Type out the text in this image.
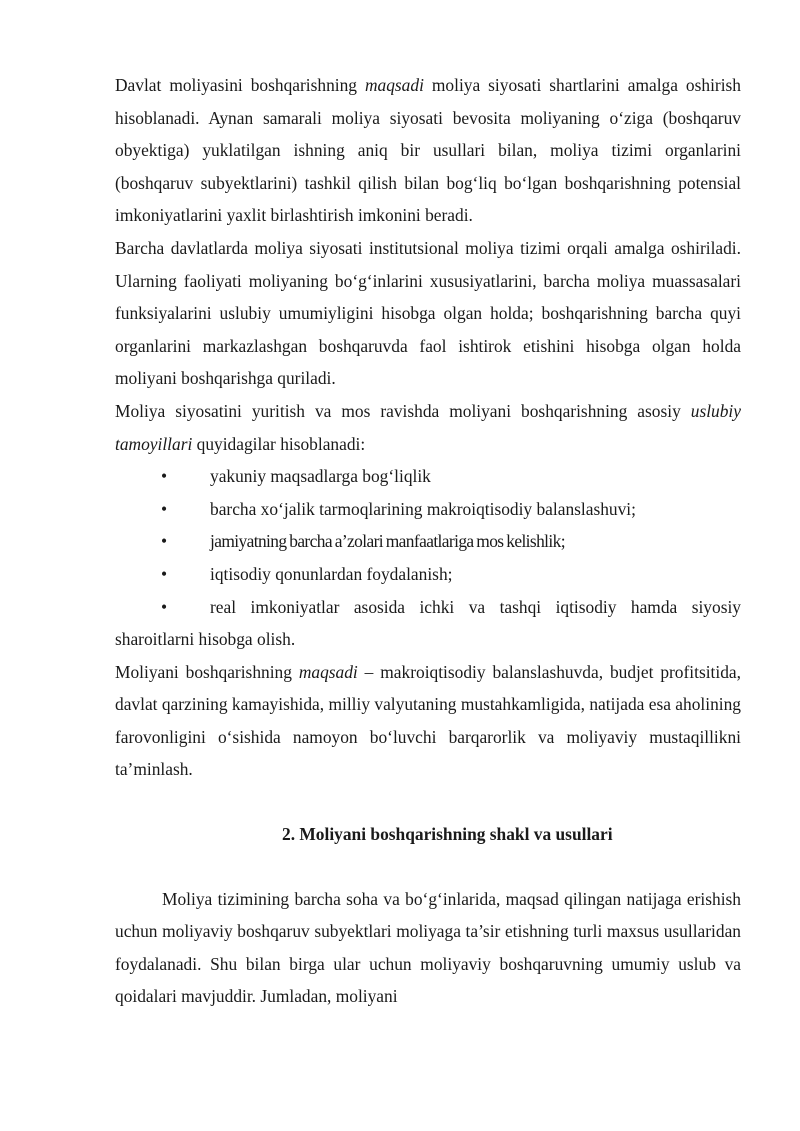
Davlat moliyasini boshqarishning maqsadi moliya siyosati shartlarini amalga oshirish hisoblanadi. Aynan samarali moliya siyosati bevosita moliyaning oʻziga (boshqaruv obyektiga) yuklatilgan ishning aniq bir usullari bilan, moliya tizimi organlarini (boshqaruv subyektlarini) tashkil qilish bilan bogʻliq boʻlgan boshqarishning potensial imkoniyatlarini yaxlit birlashtirish imkonini beradi.

Barcha davlatlarda moliya siyosati institutsional moliya tizimi orqali amalga oshiriladi. Ularning faoliyati moliyaning boʻgʻinlarini xususiyatlarini, barcha moliya muassasalari funksiyalarini uslubiy umumiyligini hisobga olgan holda; boshqarishning barcha quyi organlarini markazlashgan boshqaruvda faol ishtirok etishini hisobga olgan holda moliyani boshqarishga quriladi.

Moliya siyosatini yuritish va mos ravishda moliyani boshqarishning asosiy uslubiy tamoyillari quyidagilar hisoblanadi:

• yakuniy maqsadlarga bogʻliqlik

• barcha xoʻjalik tarmoqlarining makroiqtisodiy balanslashuvi;

•	jamiyatning barcha a’zolari manfaatlariga mos kelishlik;

• iqtisodiy qonunlardan foydalanish;

• real imkoniyatlar asosida ichki va tashqi iqtisodiy hamda siyosiy sharoitlarni hisobga olish.

Moliyani boshqarishning maqsadi – makroiqtisodiy balanslashuvda, budjet profitsitida, davlat qarzining kamayishida, milliy valyutaning mustahkamligida, natijada esa aholining farovonligini oʻsishida namoyon boʻluvchi barqarorlik va moliyaviy mustaqillikni ta’minlash.

2. Moliyani boshqarishning shakl va usullari

Moliya tizimining barcha soha va boʻgʻinlarida, maqsad qilingan natijaga erishish uchun moliyaviy boshqaruv subyektlari moliyaga ta’sir etishning turli maxsus usullaridan foydalanadi. Shu bilan birga ular uchun moliyaviy boshqaruvning umumiy uslub va qoidalari mavjuddir. Jumladan, moliyani
